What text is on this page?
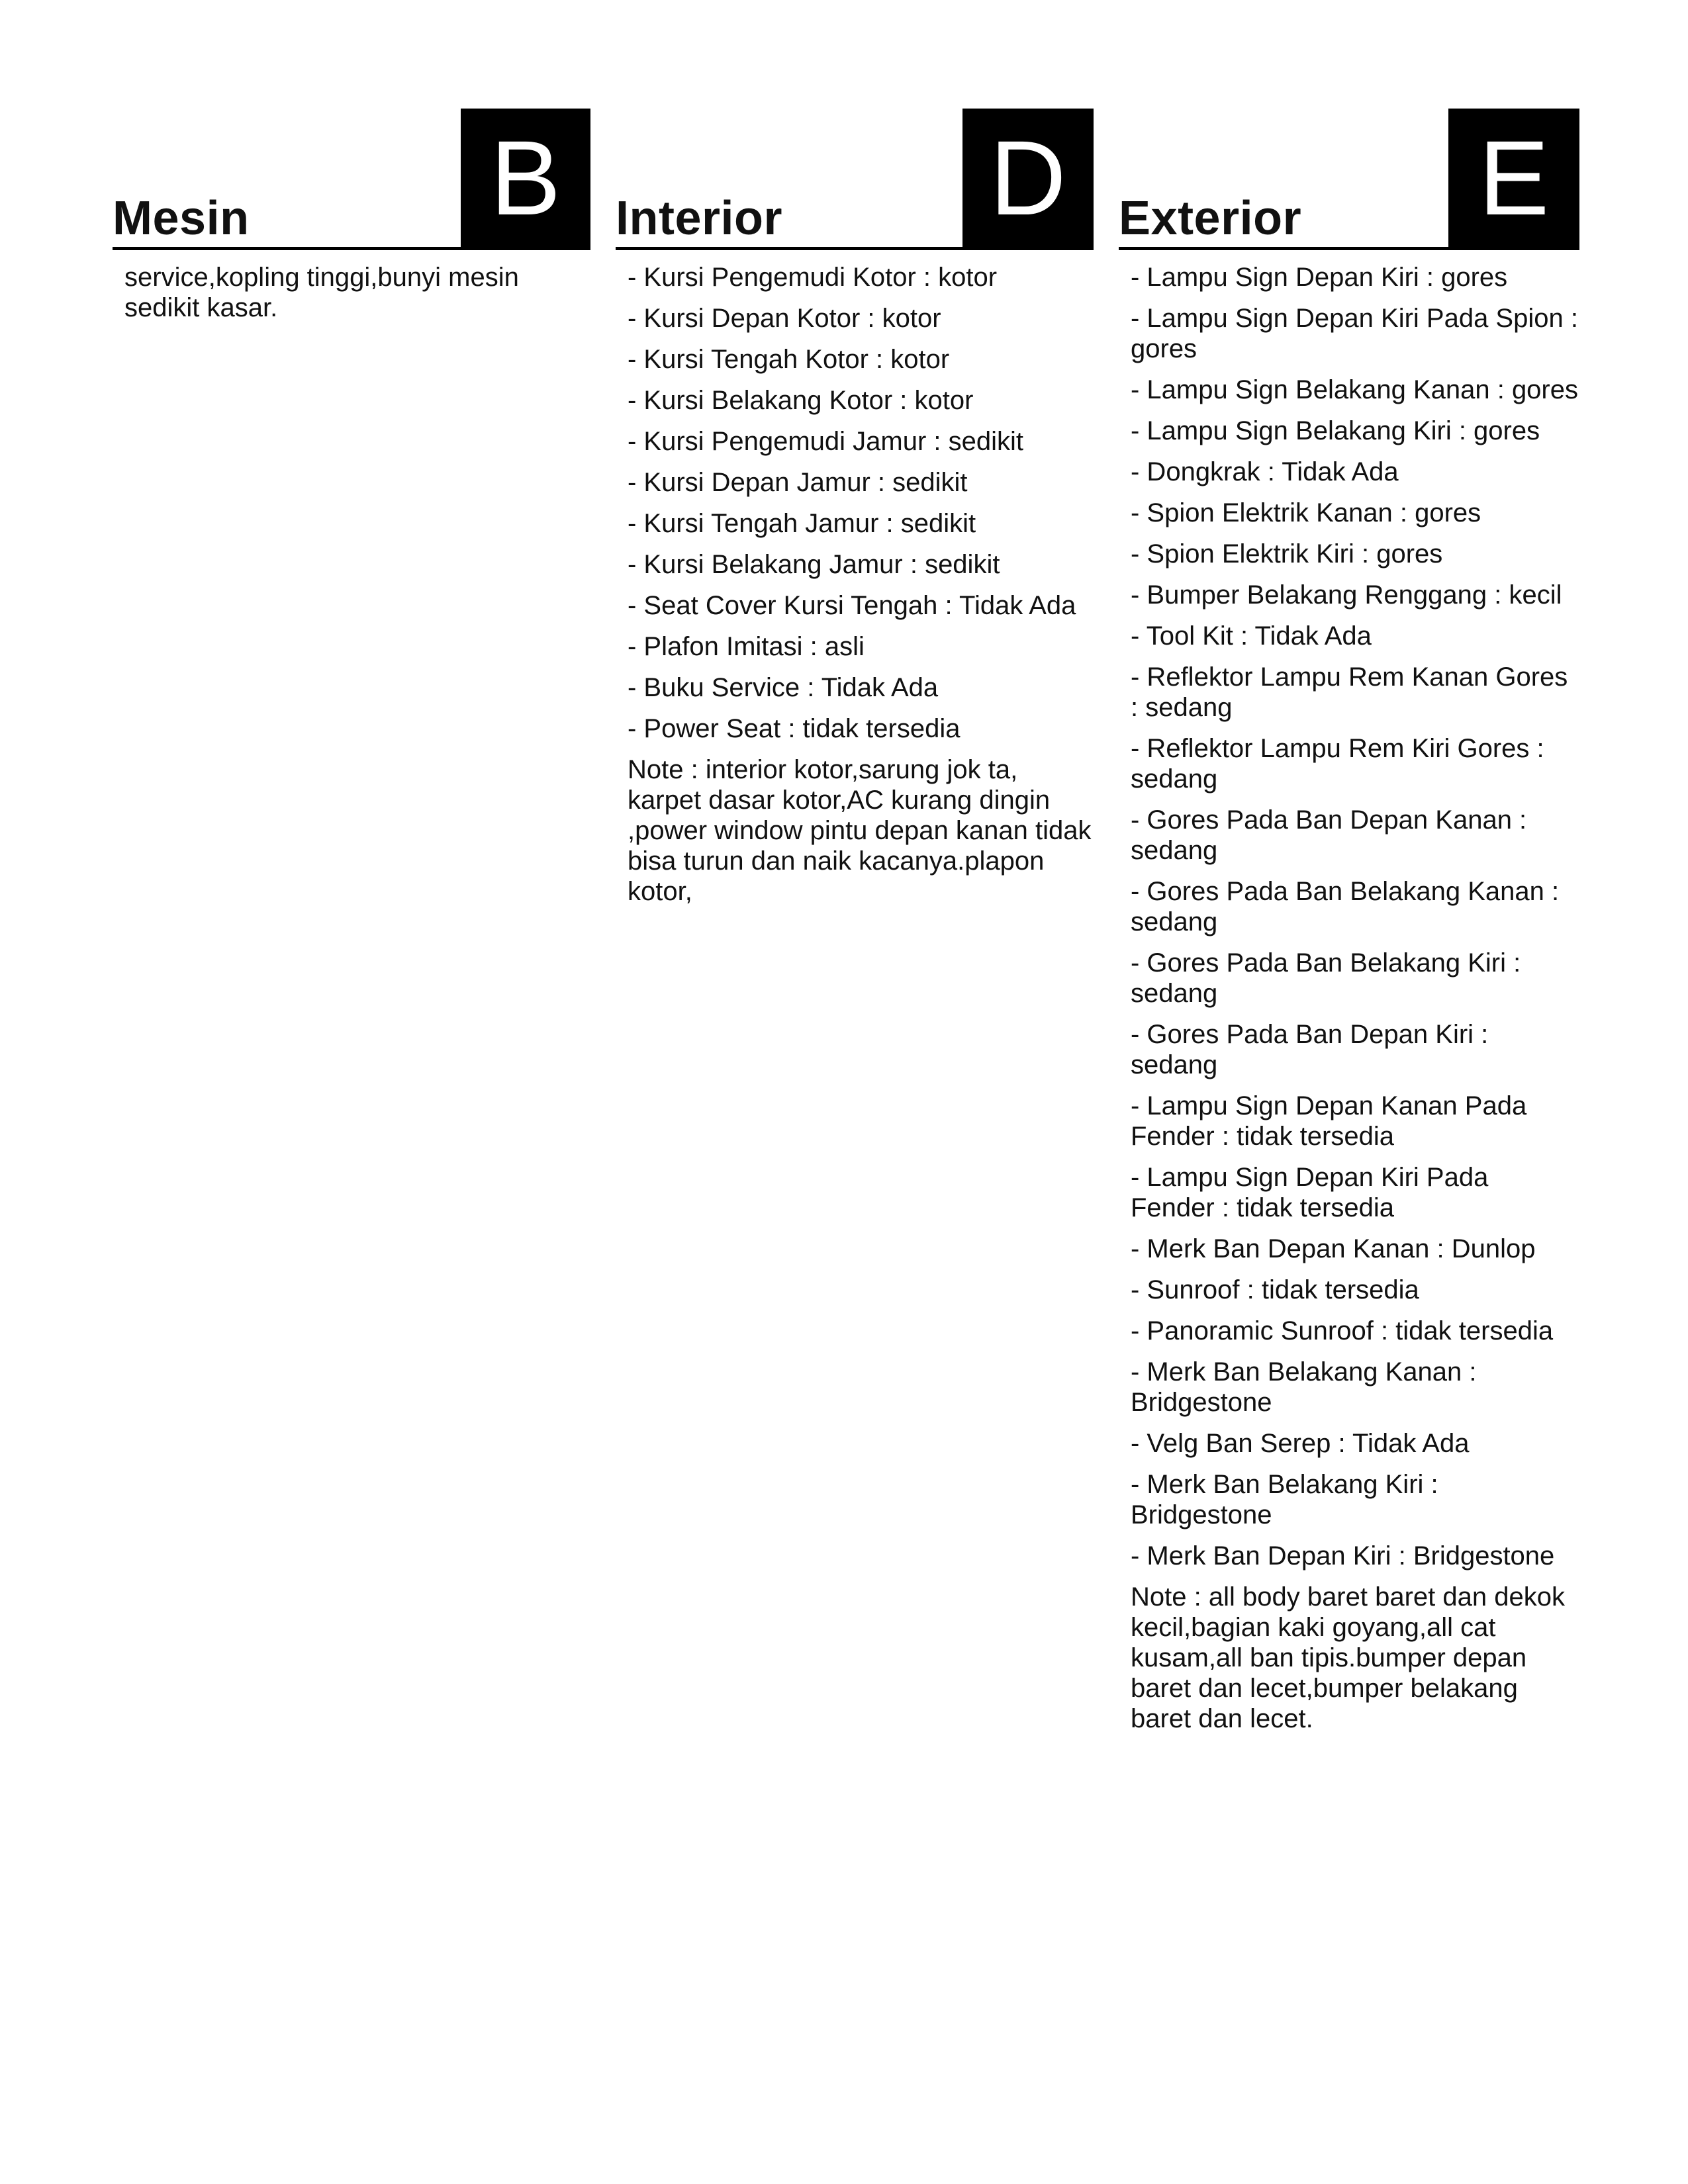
Mesin B
service,kopling tinggi,bunyi mesin sedikit kasar.
Interior D
- Kursi Pengemudi Kotor : kotor
- Kursi Depan Kotor : kotor
- Kursi Tengah Kotor : kotor
- Kursi Belakang Kotor : kotor
- Kursi Pengemudi Jamur : sedikit
- Kursi Depan Jamur : sedikit
- Kursi Tengah Jamur : sedikit
- Kursi Belakang Jamur : sedikit
- Seat Cover Kursi Tengah : Tidak Ada
- Plafon Imitasi : asli
- Buku Service : Tidak Ada
- Power Seat : tidak tersedia
Note : interior kotor,sarung jok ta, karpet dasar kotor,AC kurang dingin ,power window pintu depan kanan tidak bisa turun dan naik kacanya.plapon kotor,
Exterior E
- Lampu Sign Depan Kiri : gores
- Lampu Sign Depan Kiri Pada Spion : gores
- Lampu Sign Belakang Kanan : gores
- Lampu Sign Belakang Kiri : gores
- Dongkrak : Tidak Ada
- Spion Elektrik Kanan : gores
- Spion Elektrik Kiri : gores
- Bumper Belakang Renggang : kecil
- Tool Kit : Tidak Ada
- Reflektor Lampu Rem Kanan Gores : sedang
- Reflektor Lampu Rem Kiri Gores : sedang
- Gores Pada Ban Depan Kanan : sedang
- Gores Pada Ban Belakang Kanan : sedang
- Gores Pada Ban Belakang Kiri : sedang
- Gores Pada Ban Depan Kiri : sedang
- Lampu Sign Depan Kanan Pada Fender : tidak tersedia
- Lampu Sign Depan Kiri Pada Fender : tidak tersedia
- Merk Ban Depan Kanan : Dunlop
- Sunroof : tidak tersedia
- Panoramic Sunroof : tidak tersedia
- Merk Ban Belakang Kanan : Bridgestone
- Velg Ban Serep : Tidak Ada
- Merk Ban Belakang Kiri : Bridgestone
- Merk Ban Depan Kiri : Bridgestone
Note : all body baret baret dan dekok kecil,bagian kaki goyang,all cat kusam,all ban tipis.bumper depan baret dan lecet,bumper belakang baret dan lecet.
